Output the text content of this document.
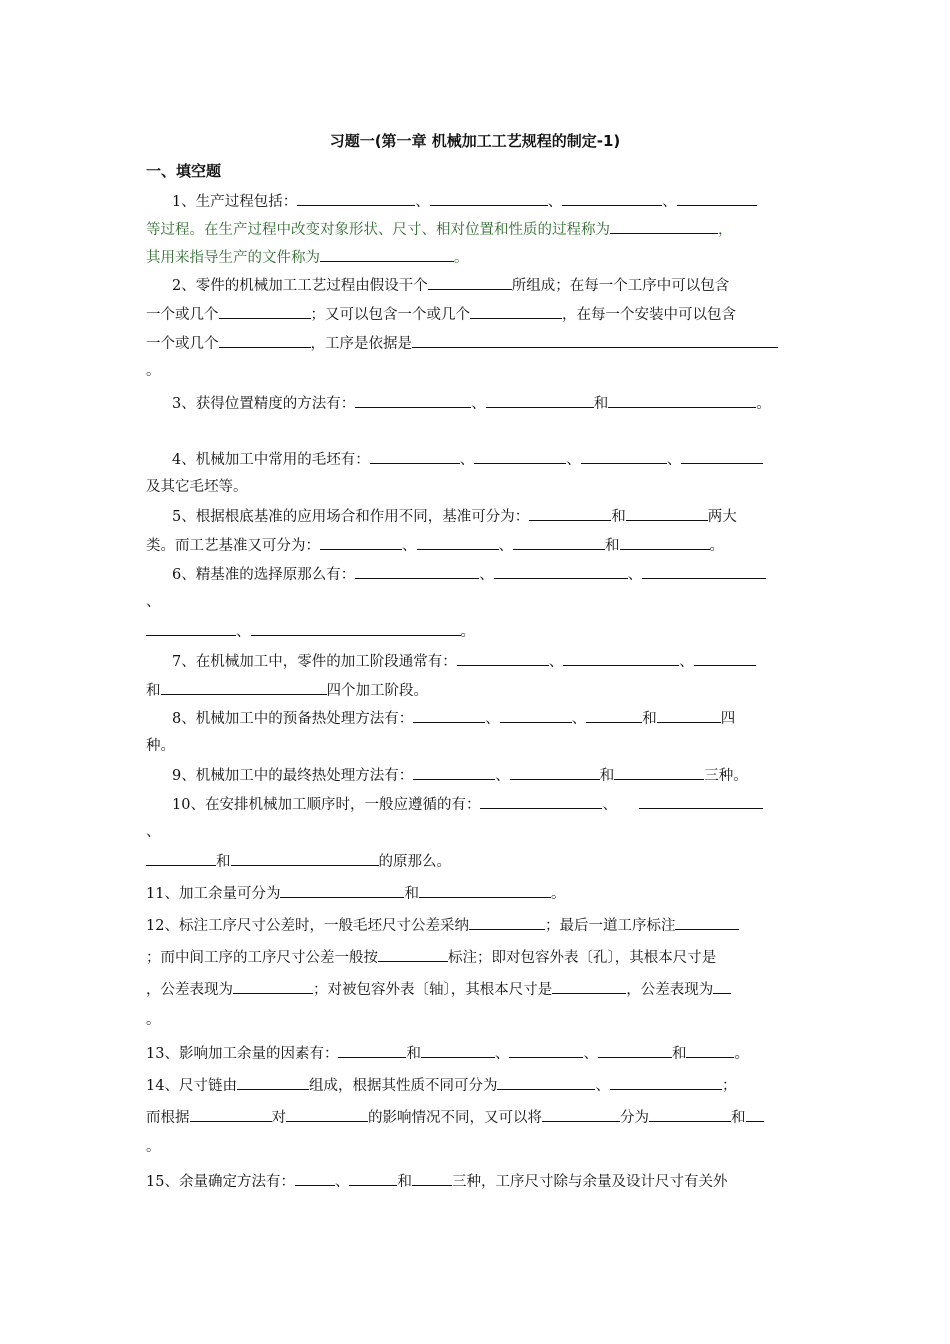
习题一(第一章 机械加工工艺规程的制定-1)
一、填空题
1、生产过程包括：	、	、	、
等过程。在生产过程中改变对象形状、尺寸、相对位置和性质的过程称为	，
其用来指导生产的文件称为	。
2、零件的机械加工工艺过程由假设干个	所组成；在每一个工序中可以包含
一个或几个	；又可以包含一个或几个	，在每一个安装中可以包含
一个或几个	，工序是依据是
。
3、获得位置精度的方法有：	、	和	。
4、机械加工中常用的毛坯有：	、	、	、
及其它毛坯等。
5、根据根底基准的应用场合和作用不同，基准可分为：	和	两大
类。而工艺基准又可分为：	、	、	和	。
6、精基准的选择原那么有：	、	、
、
、	。
7、在机械加工中，零件的加工阶段通常有：	、	、
和	四个加工阶段。
8、机械加工中的预备热处理方法有：	、	、	和	四
种。
9、机械加工中的最终热处理方法有：	、	和	三种。
10、在安排机械加工顺序时，一般应遵循的有：	、
、
和	的原那么。
11、加工余量可分为	和	。
12、标注工序尺寸公差时，一般毛坯尺寸公差采纳	；最后一道工序标注
；而中间工序的工序尺寸公差一般按	标注；即对包容外表〔孔〕，其根本尺寸是
，公差表现为	；对被包容外表〔轴〕，其根本尺寸是	，公差表现为
。
13、影响加工余量的因素有：	和	、	、	和	。
14、尺寸链由	组成，根据其性质不同可分为	、	；
而根据	对	的影响情况不同，又可以将	分为	和
。
15、余量确定方法有：	、	和	三种，工序尺寸除与余量及设计尺寸有关外
